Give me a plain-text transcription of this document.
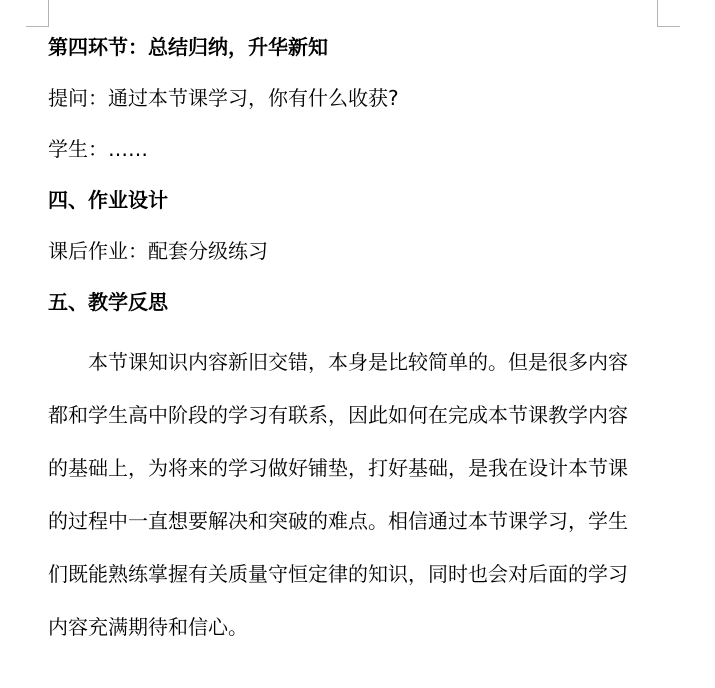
第四环节：总结归纳，升华新知

提问：通过本节课学习，你有什么收获?

学生：……

四、作业设计

课后作业：配套分级练习

五、教学反思

本节课知识内容新旧交错，本身是比较简单的。但是很多内容

都和学生高中阶段的学习有联系，因此如何在完成本节课教学内容

的基础上，为将来的学习做好铺垫，打好基础，是我在设计本节课

的过程中一直想要解决和突破的难点。相信通过本节课学习，学生

们既能熟练掌握有关质量守恒定律的知识，同时也会对后面的学习

内容充满期待和信心。
